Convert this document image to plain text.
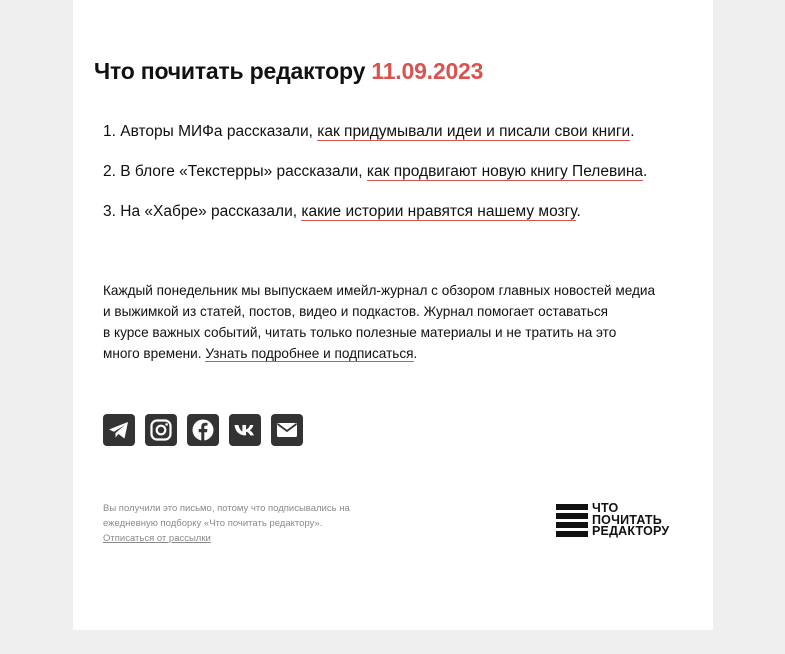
Что почитать редактору 11.09.2023
1. Авторы МИФа рассказали, как придумывали идеи и писали свои книги.
2. В блоге «Текстерры» рассказали, как продвигают новую книгу Пелевина.
3. На «Хабре» рассказали, какие истории нравятся нашему мозгу.

Каждый понедельник мы выпускаем имейл-журнал с обзором главных новостей медиа
и выжимкой из статей, постов, видео и подкастов. Журнал помогает оставаться
в курсе важных событий, читать только полезные материалы и не тратить на это
много времени. Узнать подробнее и подписаться.

Вы получили это письмо, потому что подписывались на
ежедневную подборку «Что почитать редактору».
Отписаться от рассылки

ЧТО
ПОЧИТАТЬ
РЕДАКТОРУ
